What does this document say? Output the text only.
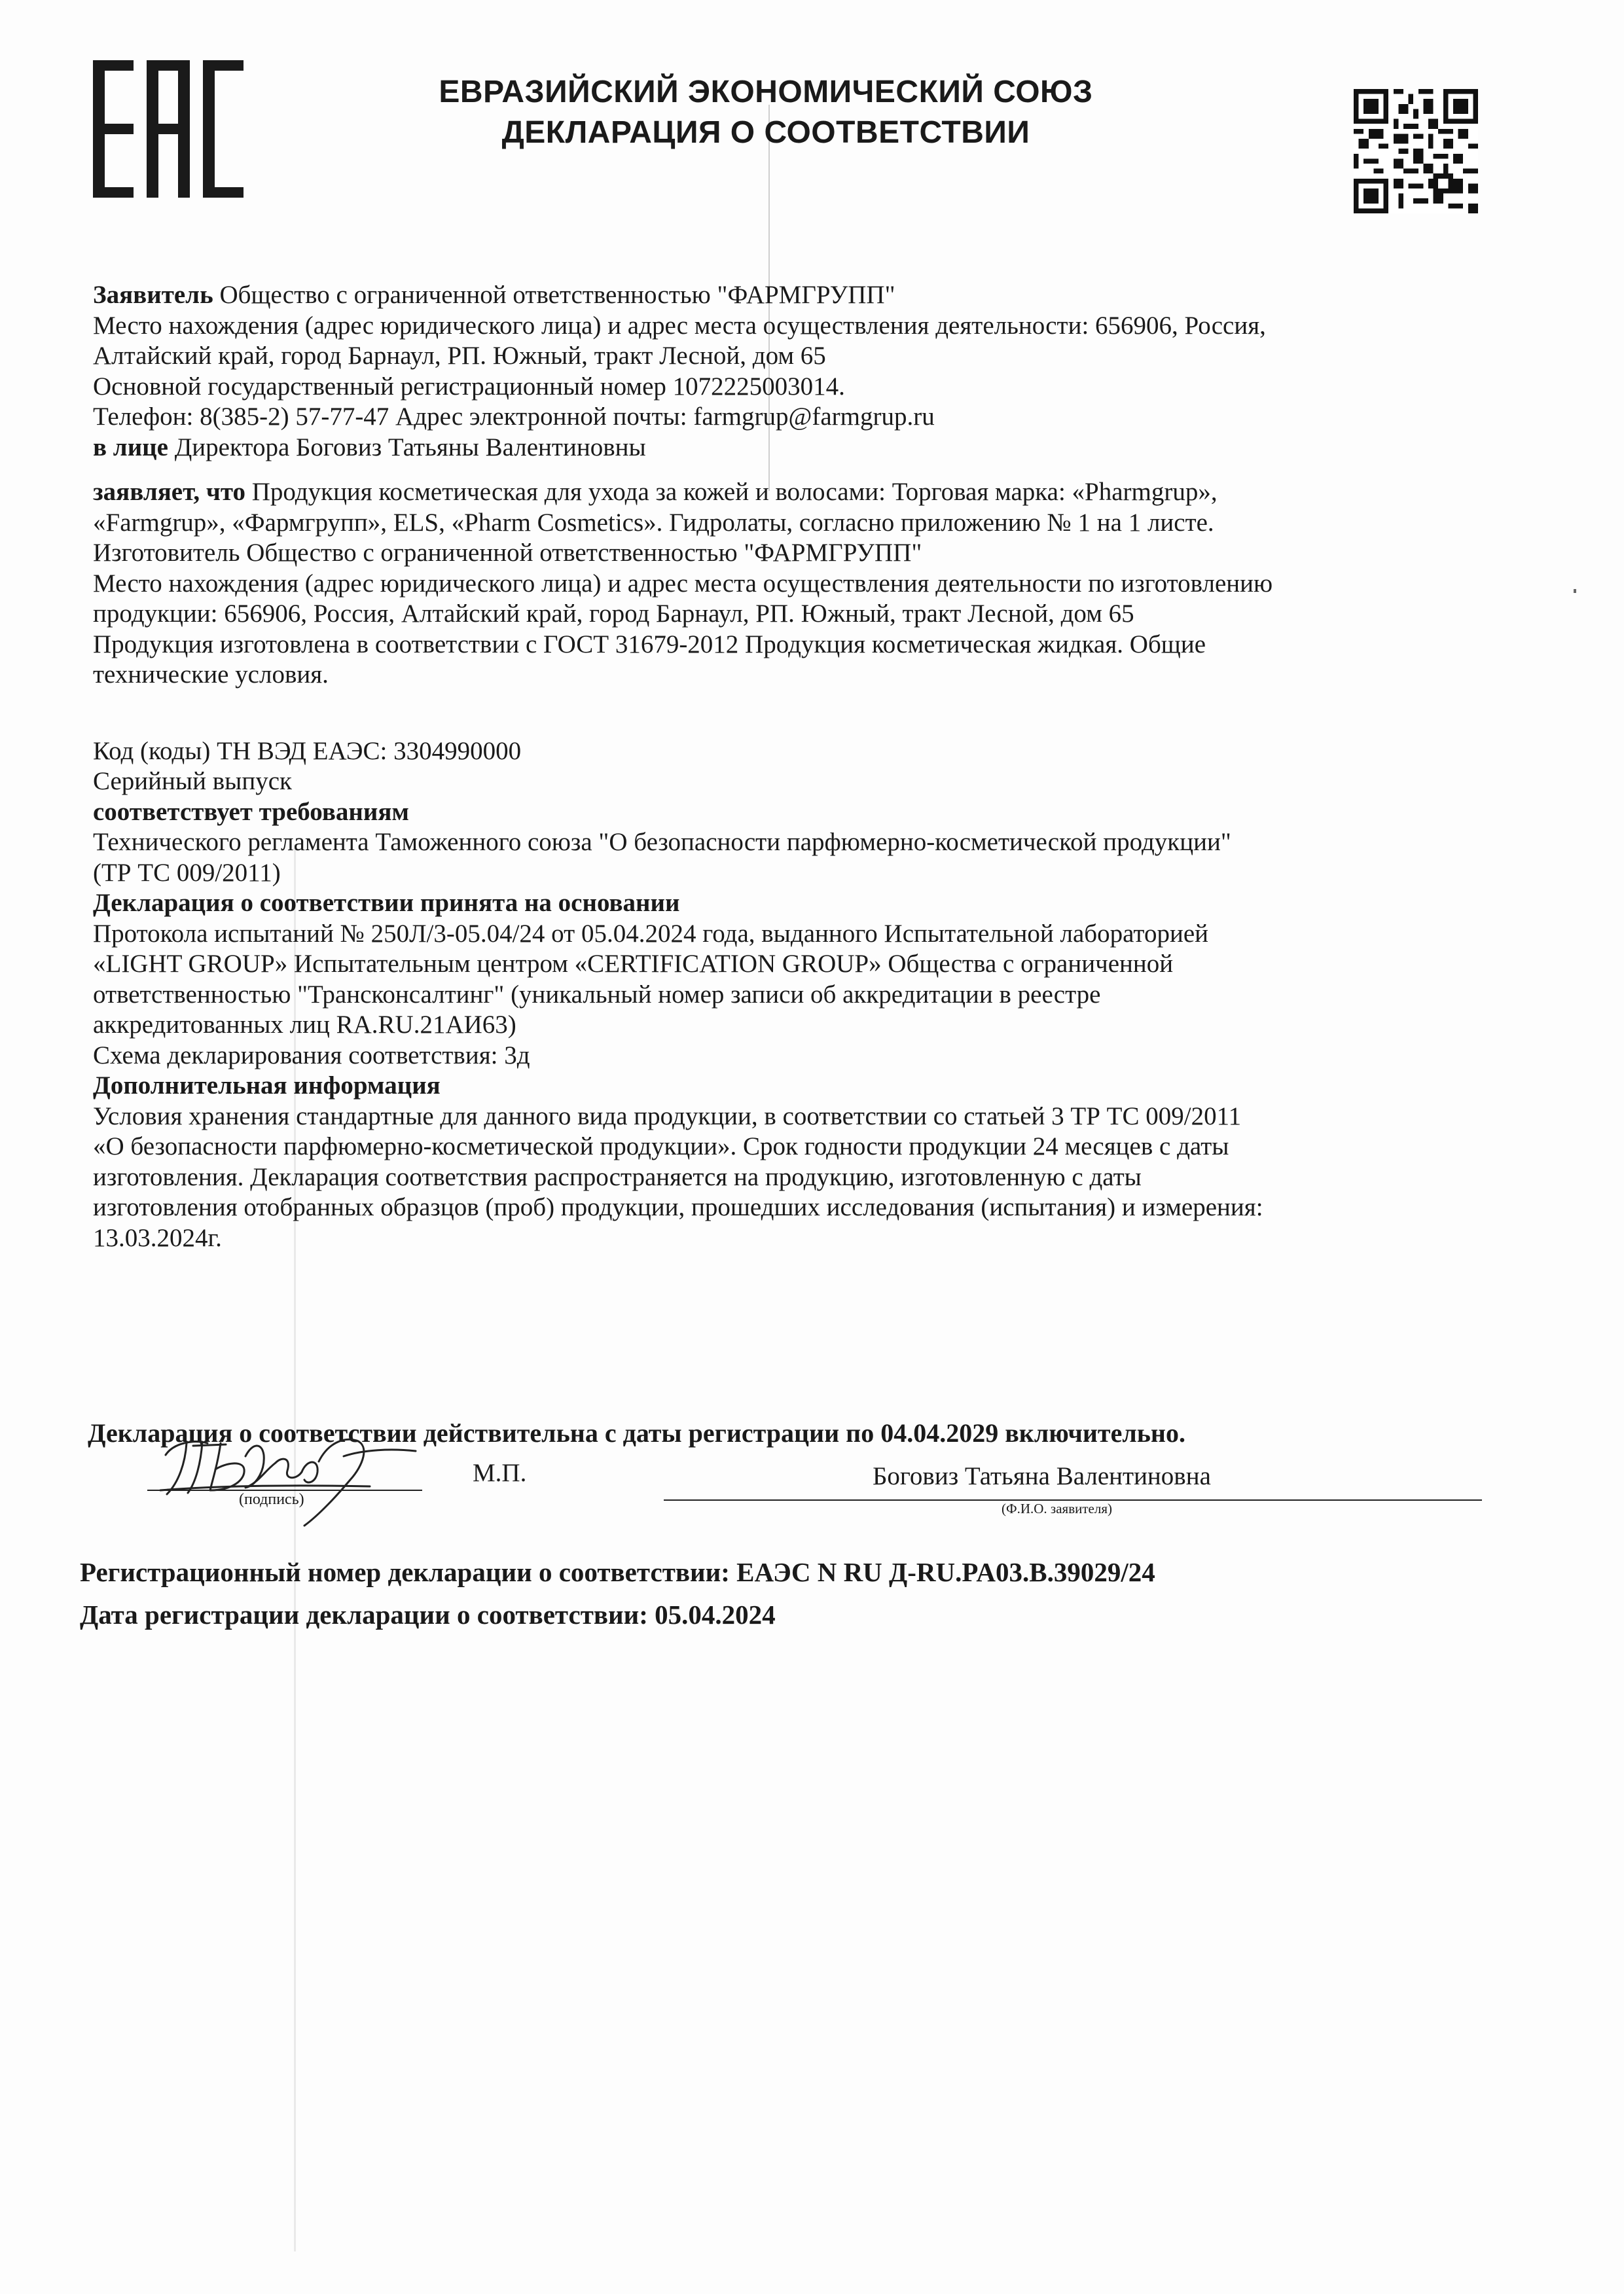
ЕВРАЗИЙСКИЙ ЭКОНОМИЧЕСКИЙ СОЮЗ
ДЕКЛАРАЦИЯ О СООТВЕТСТВИИ

Заявитель Общество с ограниченной ответственностью "ФАРМГРУПП"

Место нахождения (адрес юридического лица) и адрес места осуществления деятельности: 656906, Россия,

Алтайский край, город Барнаул, РП. Южный, тракт Лесной, дом 65

Основной государственный регистрационный номер 1072225003014.

Телефон: 8(385-2) 57-77-47 Адрес электронной почты: farmgrup@farmgrup.ru

в лице Директора Боговиз Татьяны Валентиновны

заявляет, что Продукция косметическая для ухода за кожей и волосами: Торговая марка: «Pharmgrup»,

«Farmgrup», «Фармгрупп», ELS, «Pharm Cosmetics». Гидролаты, согласно приложению № 1 на 1 листе.

Изготовитель Общество с ограниченной ответственностью "ФАРМГРУПП"

Место нахождения (адрес юридического лица) и адрес места осуществления деятельности по изготовлению

продукции: 656906, Россия, Алтайский край, город Барнаул, РП. Южный, тракт Лесной, дом 65

Продукция изготовлена в соответствии с ГОСТ 31679-2012 Продукция косметическая жидкая. Общие

технические условия.

Код (коды) ТН ВЭД ЕАЭС: 3304990000

Серийный выпуск

соответствует требованиям

Технического регламента Таможенного союза "О безопасности парфюмерно-косметической продукции"

(ТР ТС 009/2011)

Декларация о соответствии принята на основании

Протокола испытаний № 250Л/3-05.04/24 от 05.04.2024 года, выданного Испытательной лабораторией

«LIGHT GROUP» Испытательным центром «CERTIFICATION GROUP» Общества с ограниченной

ответственностью "Трансконсалтинг" (уникальный номер записи об аккредитации в реестре

аккредитованных лиц RA.RU.21АИ63)

Схема декларирования соответствия: 3д

Дополнительная информация

Условия хранения стандартные для данного вида продукции, в соответствии со статьей 3 ТР ТС 009/2011

«О безопасности парфюмерно-косметической продукции». Срок годности продукции 24 месяцев с даты

изготовления. Декларация соответствия распространяется на продукцию, изготовленную с даты

изготовления отобранных образцов (проб) продукции, прошедших исследования (испытания) и измерения:

13.03.2024г.

Декларация о соответствии действительна с даты регистрации по 04.04.2029 включительно.
(подпись)
М.П.	Боговиз Татьяна Валентиновна
(Ф.И.О. заявителя)
Регистрационный номер декларации о соответствии: ЕАЭС N RU Д-RU.PA03.B.39029/24
Дата регистрации декларации о соответствии: 05.04.2024
